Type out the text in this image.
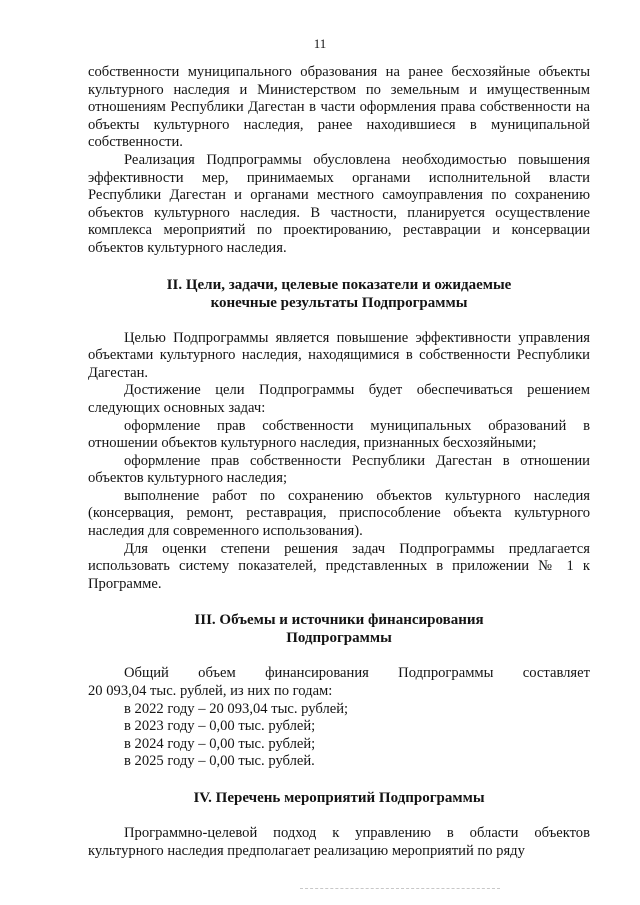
11

собственности муниципального образования на ранее бесхозяйные объекты культурного наследия и Министерством по земельным и имущественным отношениям Республики Дагестан в части оформления права собственности на объекты культурного наследия, ранее находившиеся в муниципальной собственности.

Реализация Подпрограммы обусловлена необходимостью повышения эффективности мер, принимаемых органами исполнительной власти Республики Дагестан и органами местного самоуправления по сохранению объектов культурного наследия. В частности, планируется осуществление комплекса мероприятий по проектированию, реставрации и консервации объектов культурного наследия.

II. Цели, задачи, целевые показатели и ожидаемые
конечные результаты Подпрограммы

Целью Подпрограммы является повышение эффективности управления объектами культурного наследия, находящимися в собственности Республики Дагестан.

Достижение цели Подпрограммы будет обеспечиваться решением следующих основных задач:

оформление прав собственности муниципальных образований в отношении объектов культурного наследия, признанных бесхозяйными;

оформление прав собственности Республики Дагестан в отношении объектов культурного наследия;

выполнение работ по сохранению объектов культурного наследия (консервация, ремонт, реставрация, приспособление объекта культурного наследия для современного использования).

Для оценки степени решения задач Подпрограммы предлагается использовать систему показателей, представленных в приложении № 1 к Программе.

III. Объемы и источники финансирования
Подпрограммы

Общий объем финансирования Подпрограммы составляет

20 093,04 тыс. рублей, из них по годам:

в 2022 году – 20 093,04 тыс. рублей;

в 2023 году – 0,00 тыс. рублей;

в 2024 году – 0,00 тыс. рублей;

в 2025 году – 0,00 тыс. рублей.

IV. Перечень мероприятий Подпрограммы

Программно-целевой подход к управлению в области объектов культурного наследия предполагает реализацию мероприятий по ряду
